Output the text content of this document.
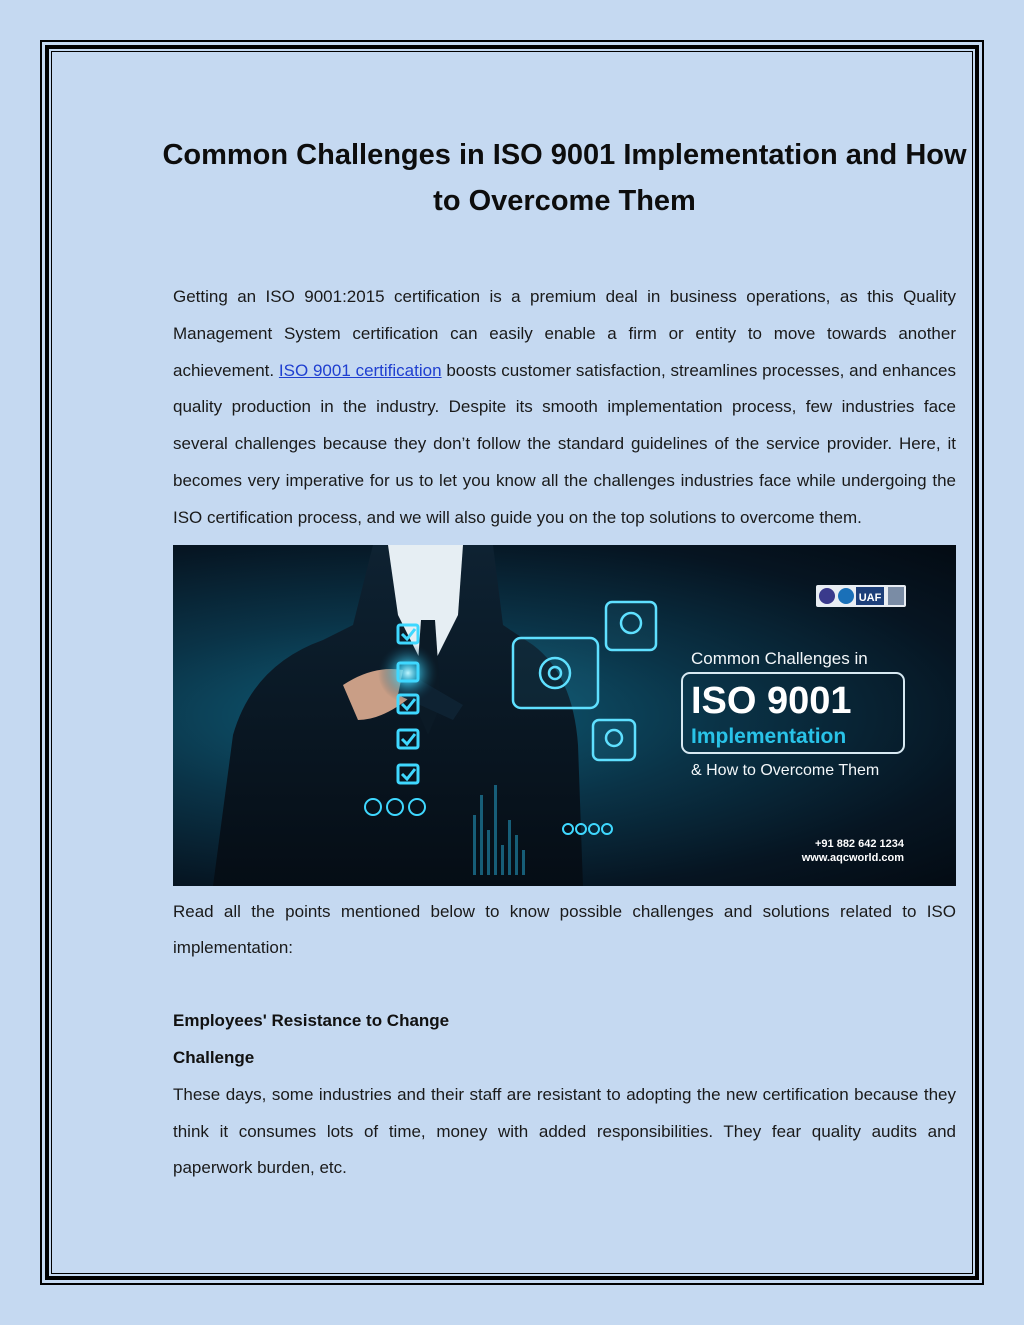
Common Challenges in ISO 9001 Implementation and How to Overcome Them

Getting an ISO 9001:2015 certification is a premium deal in business operations, as this Quality Management System certification can easily enable a firm or entity to move towards another achievement. ISO 9001 certification boosts customer satisfaction, streamlines processes, and enhances quality production in the industry. Despite its smooth implementation process, few industries face several challenges because they don’t follow the standard guidelines of the service provider. Here, it becomes very imperative for us to let you know all the challenges industries face while undergoing the ISO certification process, and we will also guide you on the top solutions to overcome them.

UAF
Common Challenges in
ISO 9001
Implementation
& How to Overcome Them
+91 882 642 1234
www.aqcworld.com

Read all the points mentioned below to know possible challenges and solutions related to ISO implementation:

Employees' Resistance to Change

Challenge

These days, some industries and their staff are resistant to adopting the new certification because they think it consumes lots of time, money with added responsibilities. They fear quality audits and paperwork burden, etc.
